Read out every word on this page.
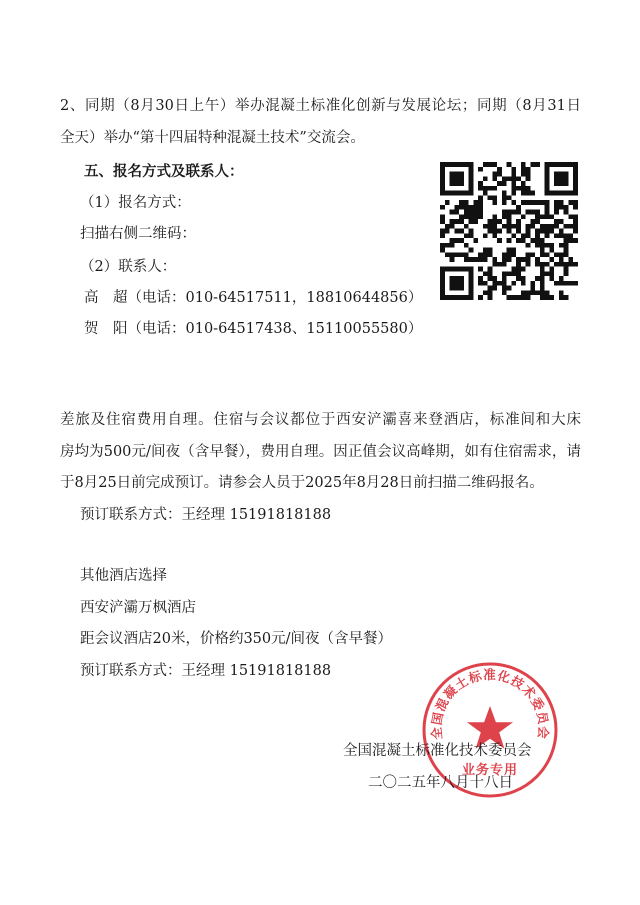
2、同期（8月30日上午）举办混凝土标准化创新与发展论坛；同期（8月31日
全天）举办“第十四届特种混凝土技术”交流会。
五、报名方式及联系人：
（1）报名方式：
扫描右侧二维码：
（2）联系人：
高　超（电话：010-64517511，18810644856）
贺　阳（电话：010-64517438、15110055580）
差旅及住宿费用自理。住宿与会议都位于西安浐灞喜来登酒店，标准间和大床
房均为500元/间夜（含早餐），费用自理。因正值会议高峰期，如有住宿需求，请
于8月25日前完成预订。请参会人员于2025年8月28日前扫描二维码报名。
预订联系方式：王经理 15191818188
其他酒店选择
西安浐灞万枫酒店
距会议酒店20米，价格约350元/间夜（含早餐）
预订联系方式：王经理 15191818188
全国混凝土标准化技术委员会
业务专用
全国混凝土标准化技术委员会
二〇二五年八月十八日
